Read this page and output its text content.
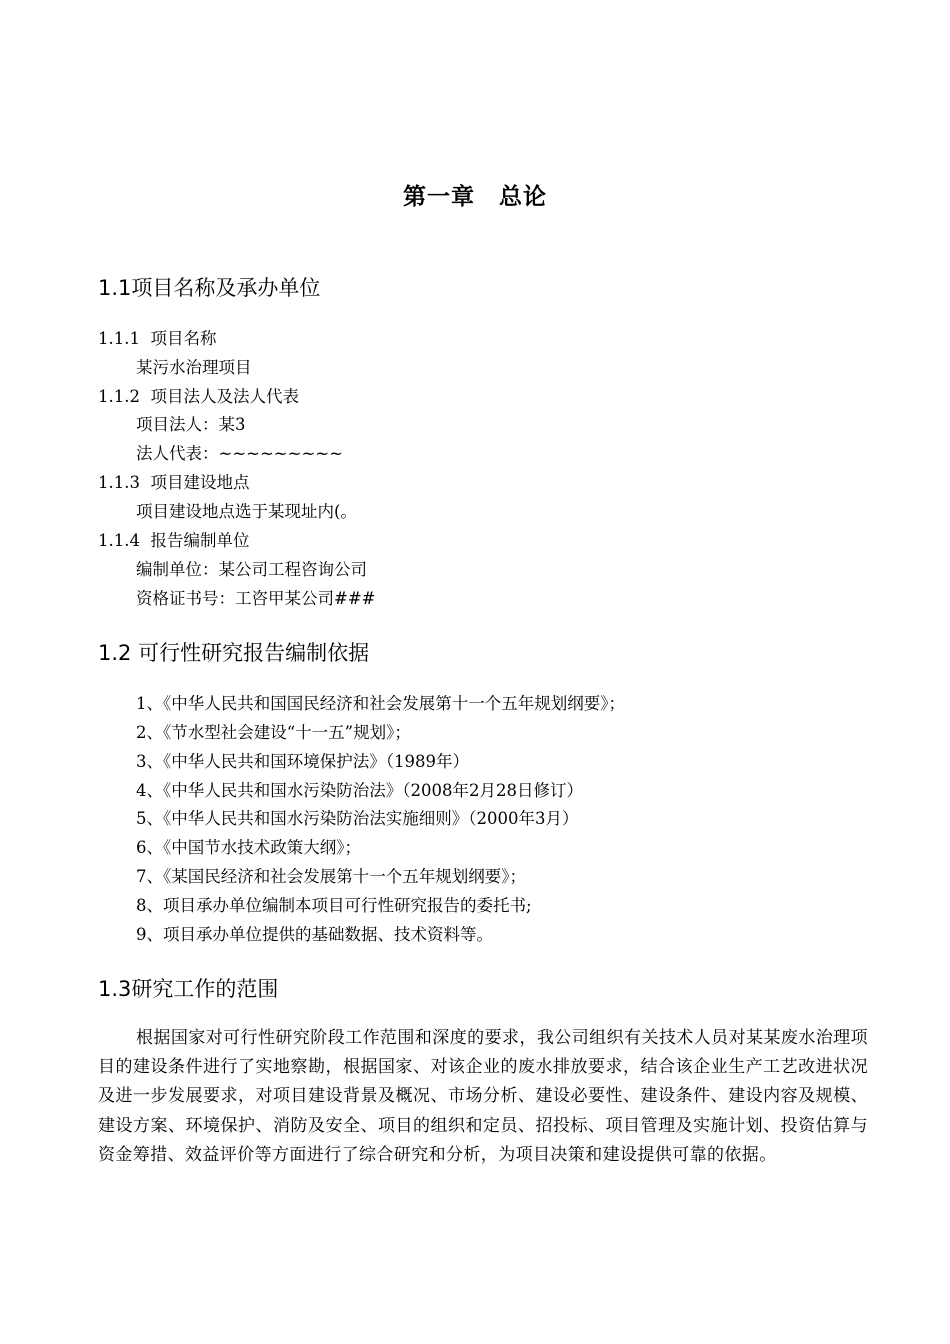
第一章　总论
1.1项目名称及承办单位
1.1.1 项目名称
某污水治理项目
1.1.2 项目法人及法人代表
项目法人：某3
法人代表：~~~~~~~~~
1.1.3 项目建设地点
项目建设地点选于某现址内(。
1.1.4 报告编制单位
编制单位：某公司工程咨询公司
资格证书号：工咨甲某公司###
1.2 可行性研究报告编制依据
1、《中华人民共和国国民经济和社会发展第十一个五年规划纲要》；
2、《节水型社会建设“十一五”规划》；
3、《中华人民共和国环境保护法》（1989年）
4、《中华人民共和国水污染防治法》（2008年2月28日修订）
5、《中华人民共和国水污染防治法实施细则》（2000年3月）
6、《中国节水技术政策大纲》；
7、《某国民经济和社会发展第十一个五年规划纲要》；
8、项目承办单位编制本项目可行性研究报告的委托书;
9、项目承办单位提供的基础数据、技术资料等。
1.3研究工作的范围
根据国家对可行性研究阶段工作范围和深度的要求，我公司组织有关技术人员对某某废水治理项目的建设条件进行了实地察勘，根据国家、对该企业的废水排放要求，结合该企业生产工艺改进状况及进一步发展要求，对项目建设背景及概况、市场分析、建设必要性、建设条件、建设内容及规模、建设方案、环境保护、消防及安全、项目的组织和定员、招投标、项目管理及实施计划、投资估算与资金筹措、效益评价等方面进行了综合研究和分析，为项目决策和建设提供可靠的依据。
